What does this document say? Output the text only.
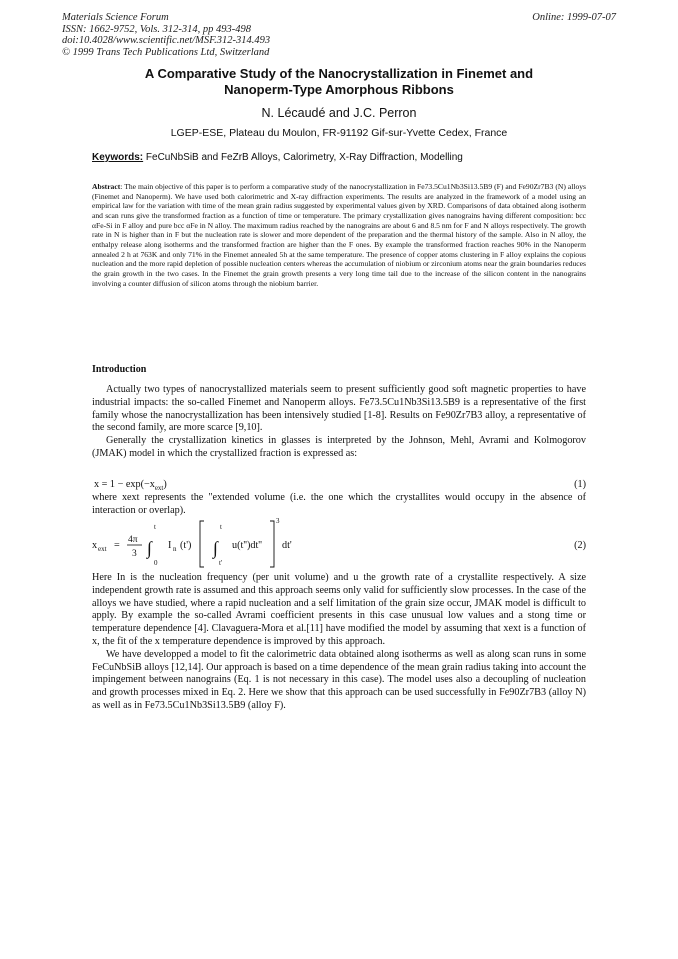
Materials Science Forum
ISSN: 1662-9752, Vols. 312-314, pp 493-498
doi:10.4028/www.scientific.net/MSF.312-314.493
© 1999 Trans Tech Publications Ltd, Switzerland
Online: 1999-07-07
A Comparative Study of the Nanocrystallization in Finemet and
Nanoperm-Type Amorphous Ribbons
N. Lécaudé and J.C. Perron
LGEP-ESE, Plateau du Moulon, FR-91192 Gif-sur-Yvette Cedex, France
Keywords: FeCuNbSiB and FeZrB Alloys, Calorimetry, X-Ray Diffraction, Modelling
Abstract: The main objective of this paper is to perform a comparative study of the nanocrystallization in Fe73.5Cu1Nb3Si13.5B9 (F) and Fe90Zr7B3 (N) alloys (Finemet and Nanoperm). We have used both calorimetric and X-ray diffraction experiments. The results are analyzed in the framework of a model using an empirical law for the variation with time of the mean grain radius suggested by experimental values given by XRD. Comparisons of data obtained along isotherm and scan runs give the transformed fraction as a function of time or temperature. The primary crystallization gives nanograins having different composition: bcc αFe-Si in F alloy and pure bcc αFe in N alloy. The maximum radius reached by the nanograins are about 6 and 8.5 nm for F and N alloys respectively. The growth rate in N is higher than in F but the nucleation rate is slower and more dependent of the preparation and the thermal history of the sample. Also in N alloy, the enthalpy release along isotherms and the transformed fraction are higher than the F ones. By example the transformed fraction reaches 90% in the Nanoperm annealed 2 h at 763K and only 71% in the Finemet annealed 5h at the same temperature. The presence of copper atoms clustering in F alloy explains the copious nucleation and the more rapid depletion of possible nucleation centers whereas the accumulation of niobium or zirconium atoms near the grain boundaries reduces the grain growth in the two cases. In the Finemet the grain growth presents a very long time tail due to the increase of the silicon content in the nanograins involving a counter diffusion of silicon atoms through the niobium barrier.
Introduction

Actually two types of nanocrystallized materials seem to present sufficiently good soft magnetic properties to have industrial impacts: the so-called Finemet and Nanoperm alloys. Fe73.5Cu1Nb3Si13.5B9 is a representative of the first family whose the nanocrystallization has been intensively studied [1-8]. Results on Fe90Zr7B3 alloy, a representative of the second family, are more scarce [9,10].

Generally the crystallization kinetics in glasses is interpreted by the Johnson, Mehl, Avrami and Kolmogorov (JMAK) model in which the crystallized fraction is expressed as:

$x = 1 - \exp(-x_{ext})$	(1)

where xext represents the "extended volume (i.e. the one which the crystallites would occupy in the absence of interaction or overlap).

x ext = 4π
3
t
∫
0
I n (t')
t
∫
t'
u(t'')dt''
3
dt'	(2)

Here In is the nucleation frequency (per unit volume) and u the growth rate of a crystallite respectively. A size independent growth rate is assumed and this approach seems only valid for sufficiently slow processes. In the case of the alloys we have studied, where a rapid nucleation and a self limitation of the grain size occur, JMAK model is difficult to apply. By example the so-called Avrami coefficient presents in this case unusual low values and a stong time or temperature dependence [4]. Clavaguera-Mora et al.[11] have modified the model by assuming that xext is a function of x, the fit of the x temperature dependence is improved by this approach.

We have developped a model to fit the calorimetric data obtained along isotherms as well as along scan runs in some FeCuNbSiB alloys [12,14]. Our approach is based on a time dependence of the mean grain radius taking into account the impingement between nanograins (Eq. 1 is not necessary in this case). The model uses also a decoupling of nucleation and growth processes mixed in Eq. 2. Here we show that this approach can be used successfully in Fe90Zr7B3 (alloy N) as well as in Fe73.5Cu1Nb3Si13.5B9 (alloy F).
